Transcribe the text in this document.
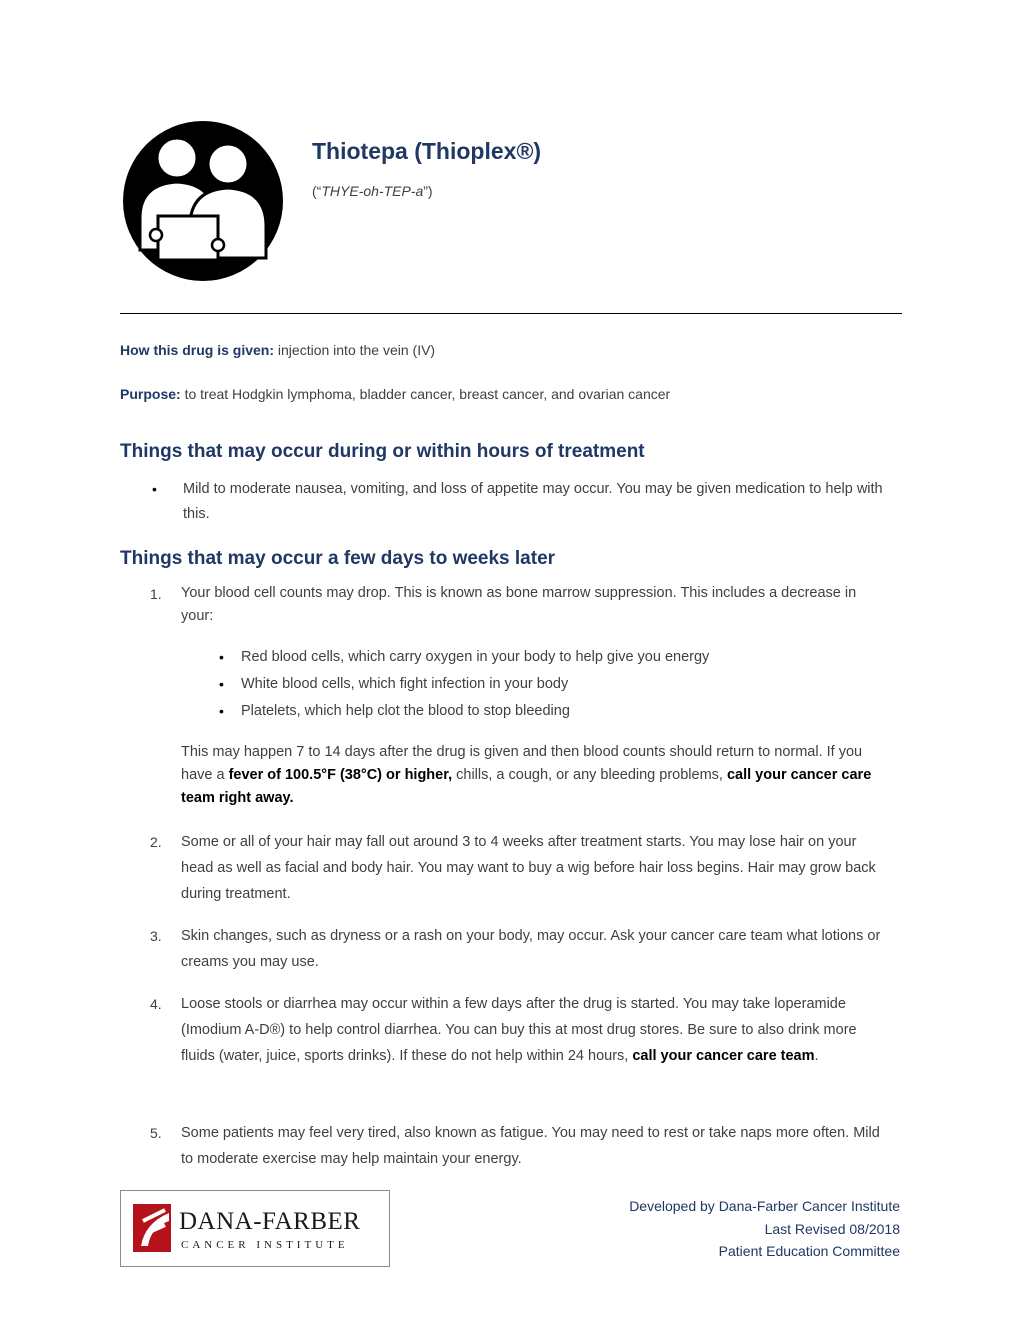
Thiotepa (Thioplex®)
(“THYE-oh-TEP-a”)
How this drug is given: injection into the vein (IV)
Purpose: to treat Hodgkin lymphoma, bladder cancer, breast cancer, and ovarian cancer
Things that may occur during or within hours of treatment
• Mild to moderate nausea, vomiting, and loss of appetite may occur. You may be given medication to help with this.
Things that may occur a few days to weeks later
1. Your blood cell counts may drop. This is known as bone marrow suppression. This includes a decrease in your:
• Red blood cells, which carry oxygen in your body to help give you energy
• White blood cells, which fight infection in your body
• Platelets, which help clot the blood to stop bleeding
This may happen 7 to 14 days after the drug is given and then blood counts should return to normal. If you have a fever of 100.5°F (38°C) or higher, chills, a cough, or any bleeding problems, call your cancer care team right away.
2. Some or all of your hair may fall out around 3 to 4 weeks after treatment starts. You may lose hair on your head as well as facial and body hair. You may want to buy a wig before hair loss begins. Hair may grow back during treatment.
3. Skin changes, such as dryness or a rash on your body, may occur. Ask your cancer care team what lotions or creams you may use.
4. Loose stools or diarrhea may occur within a few days after the drug is started. You may take loperamide (Imodium A-D®) to help control diarrhea. You can buy this at most drug stores. Be sure to also drink more fluids (water, juice, sports drinks). If these do not help within 24 hours, call your cancer care team.
5. Some patients may feel very tired, also known as fatigue. You may need to rest or take naps more often. Mild to moderate exercise may help maintain your energy.
DANA-FARBER
CANCER INSTITUTE
Developed by Dana-Farber Cancer Institute
Last Revised 08/2018
Patient Education Committee
